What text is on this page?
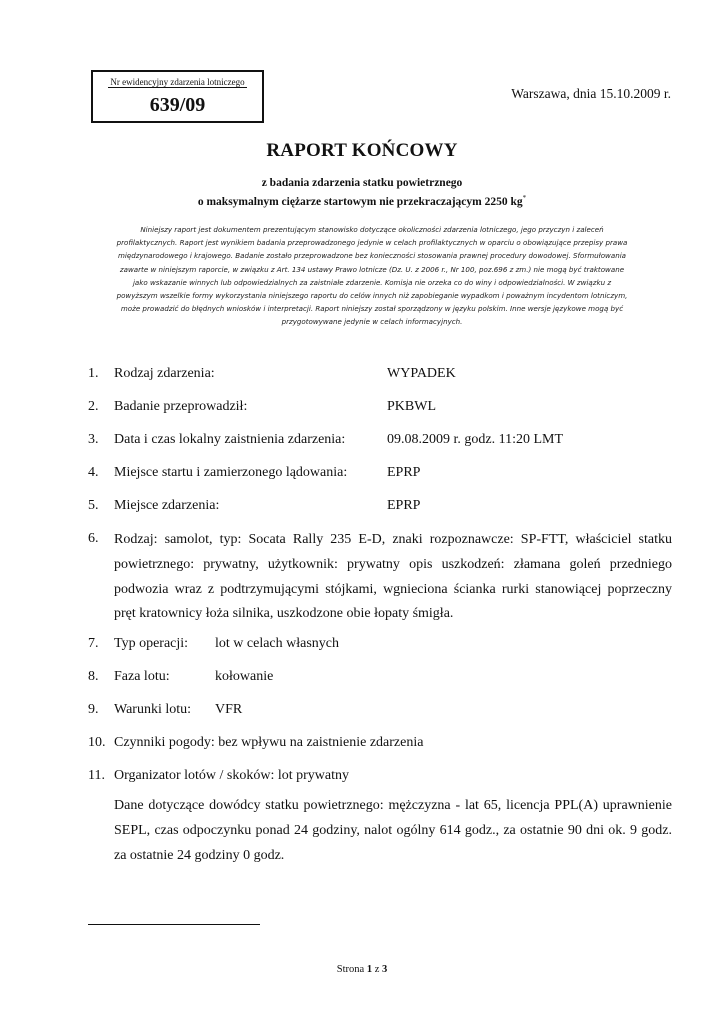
Nr ewidencyjny zdarzenia lotniczego
639/09
Warszawa, dnia 15.10.2009 r.
RAPORT KOŃCOWY
z badania zdarzenia statku powietrznego
o maksymalnym ciężarze startowym nie przekraczającym 2250 kg*
Niniejszy raport jest dokumentem prezentującym stanowisko dotyczące okoliczności zdarzenia lotniczego, jego przyczyn i zaleceń profilaktycznych. Raport jest wynikiem badania przeprowadzonego jedynie w celach profilaktycznych w oparciu o obowiązujące przepisy prawa międzynarodowego i krajowego. Badanie zostało przeprowadzone bez konieczności stosowania prawnej procedury dowodowej. Sformułowania zawarte w niniejszym raporcie, w związku z Art. 134 ustawy Prawo lotnicze (Dz. U. z 2006 r., Nr 100, poz.696 z zm.) nie mogą być traktowane jako wskazanie winnych lub odpowiedzialnych za zaistniałe zdarzenie. Komisja nie orzeka co do winy i odpowiedzialności. W związku z powyższym wszelkie formy wykorzystania niniejszego raportu do celów innych niż zapobieganie wypadkom i poważnym incydentom lotniczym, może prowadzić do błędnych wniosków i interpretacji. Raport niniejszy został sporządzony w języku polskim. Inne wersje językowe mogą być przygotowywane jedynie w celach informacyjnych.
1. Rodzaj zdarzenia:	WYPADEK
2. Badanie przeprowadził:	PKBWL
3. Data i czas lokalny zaistnienia zdarzenia:	09.08.2009 r. godz. 11:20 LMT
4. Miejsce startu i zamierzonego lądowania:	EPRP
5. Miejsce zdarzenia:	EPRP
6. Rodzaj: samolot, typ: Socata Rally 235 E-D, znaki rozpoznawcze: SP-FTT, właściciel statku powietrznego: prywatny, użytkownik: prywatny opis uszkodzeń: złamana goleń przedniego podwozia wraz z podtrzymującymi stójkami, wgnieciona ścianka rurki stanowiącej poprzeczny pręt kratownicy łoża silnika, uszkodzone obie łopaty śmigła.
7. Typ operacji: lot w celach własnych
8. Faza lotu:	kołowanie
9. Warunki lotu: VFR
10. Czynniki pogody: bez wpływu na zaistnienie zdarzenia
11. Organizator lotów / skoków: lot prywatny
Dane dotyczące dowódcy statku powietrznego: mężczyzna - lat 65, licencja PPL(A) uprawnienie SEPL, czas odpoczynku ponad 24 godziny, nalot ogólny 614 godz., za ostatnie 90 dni ok. 9 godz. za ostatnie 24 godziny 0 godz.
Strona 1 z 3
